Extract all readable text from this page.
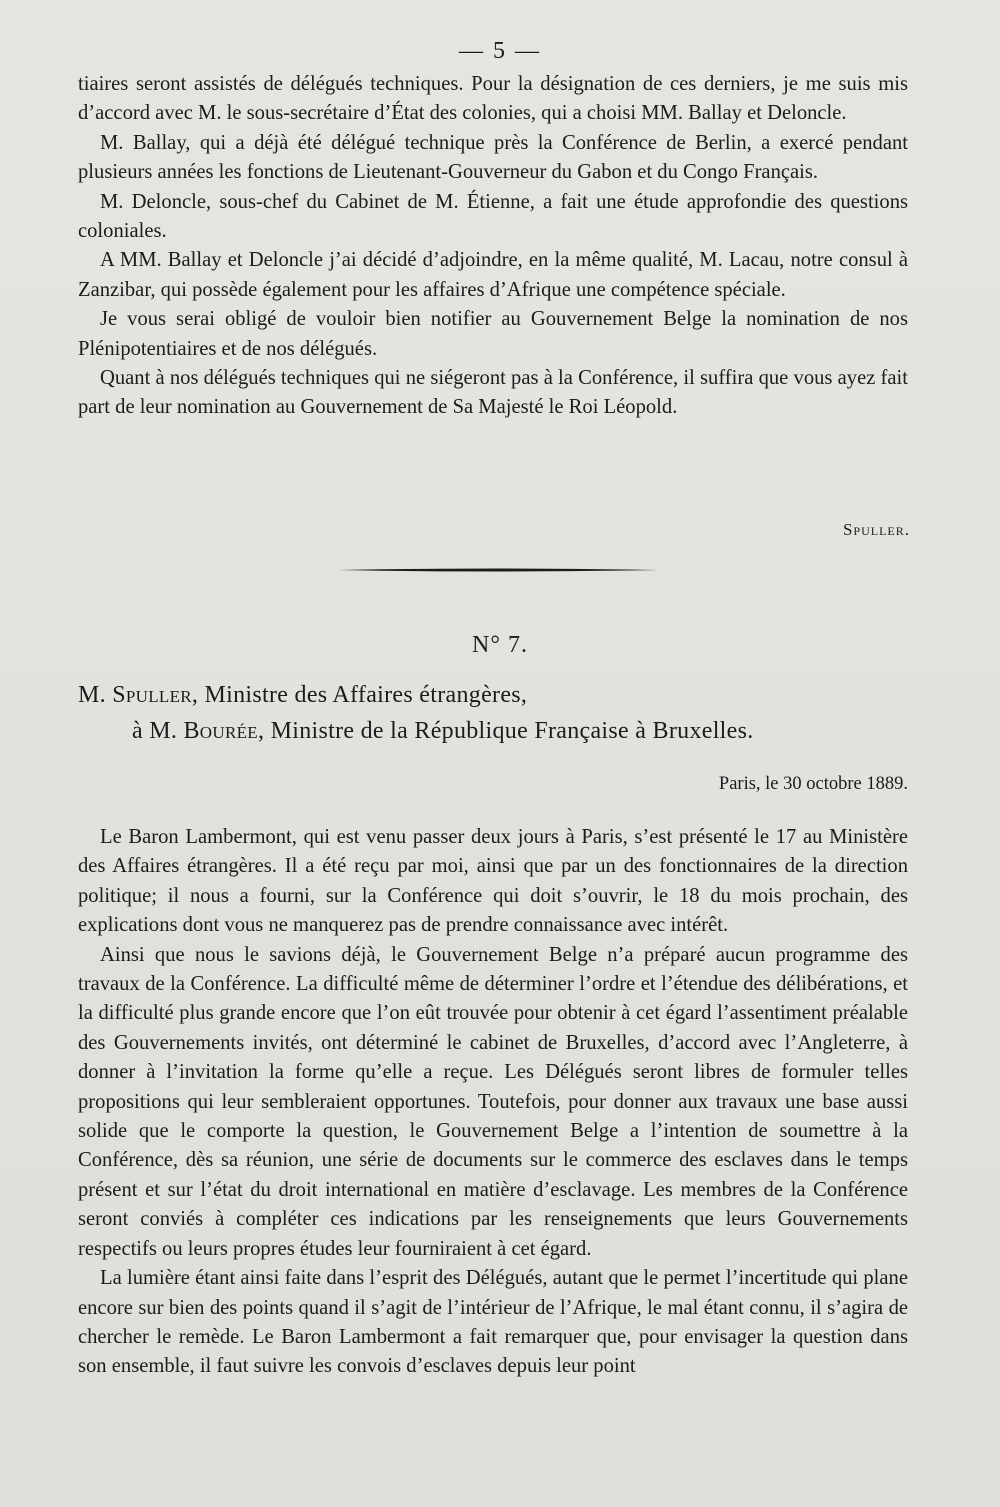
— 5 —

tiaires seront assistés de délégués techniques. Pour la désignation de ces derniers, je me suis mis d’accord avec M. le sous-secrétaire d’État des colonies, qui a choisi MM. Ballay et Deloncle.

M. Ballay, qui a déjà été délégué technique près la Conférence de Berlin, a exercé pendant plusieurs années les fonctions de Lieutenant-Gouverneur du Gabon et du Congo Français.

M. Deloncle, sous-chef du Cabinet de M. Étienne, a fait une étude approfondie des questions coloniales.

A MM. Ballay et Deloncle j’ai décidé d’adjoindre, en la même qualité, M. Lacau, notre consul à Zanzibar, qui possède également pour les affaires d’Afrique une compétence spéciale.

Je vous serai obligé de vouloir bien notifier au Gouvernement Belge la nomination de nos Plénipotentiaires et de nos délégués.

Quant à nos délégués techniques qui ne siégeront pas à la Conférence, il suffira que vous ayez fait part de leur nomination au Gouvernement de Sa Majesté le Roi Léopold.

Spuller.
N° 7.
M. Spuller, Ministre des Affaires étrangères,
à M. Bourée, Ministre de la République Française à Bruxelles.
Paris, le 30 octobre 1889.

Le Baron Lambermont, qui est venu passer deux jours à Paris, s’est présenté le 17 au Ministère des Affaires étrangères. Il a été reçu par moi, ainsi que par un des fonctionnaires de la direction politique; il nous a fourni, sur la Conférence qui doit s’ouvrir, le 18 du mois prochain, des explications dont vous ne manquerez pas de prendre connaissance avec intérêt.

Ainsi que nous le savions déjà, le Gouvernement Belge n’a préparé aucun programme des travaux de la Conférence. La difficulté même de déterminer l’ordre et l’étendue des délibérations, et la difficulté plus grande encore que l’on eût trouvée pour obtenir à cet égard l’assentiment préalable des Gouvernements invités, ont déterminé le cabinet de Bruxelles, d’accord avec l’Angleterre, à donner à l’invitation la forme qu’elle a reçue. Les Délégués seront libres de formuler telles propositions qui leur sembleraient opportunes. Toutefois, pour donner aux travaux une base aussi solide que le comporte la question, le Gouvernement Belge a l’intention de soumettre à la Conférence, dès sa réunion, une série de documents sur le commerce des esclaves dans le temps présent et sur l’état du droit international en matière d’esclavage. Les membres de la Conférence seront conviés à compléter ces indications par les renseignements que leurs Gouvernements respectifs ou leurs propres études leur fourniraient à cet égard.

La lumière étant ainsi faite dans l’esprit des Délégués, autant que le permet l’incertitude qui plane encore sur bien des points quand il s’agit de l’intérieur de l’Afrique, le mal étant connu, il s’agira de chercher le remède. Le Baron Lambermont a fait remarquer que, pour envisager la question dans son ensemble, il faut suivre les convois d’esclaves depuis leur point
